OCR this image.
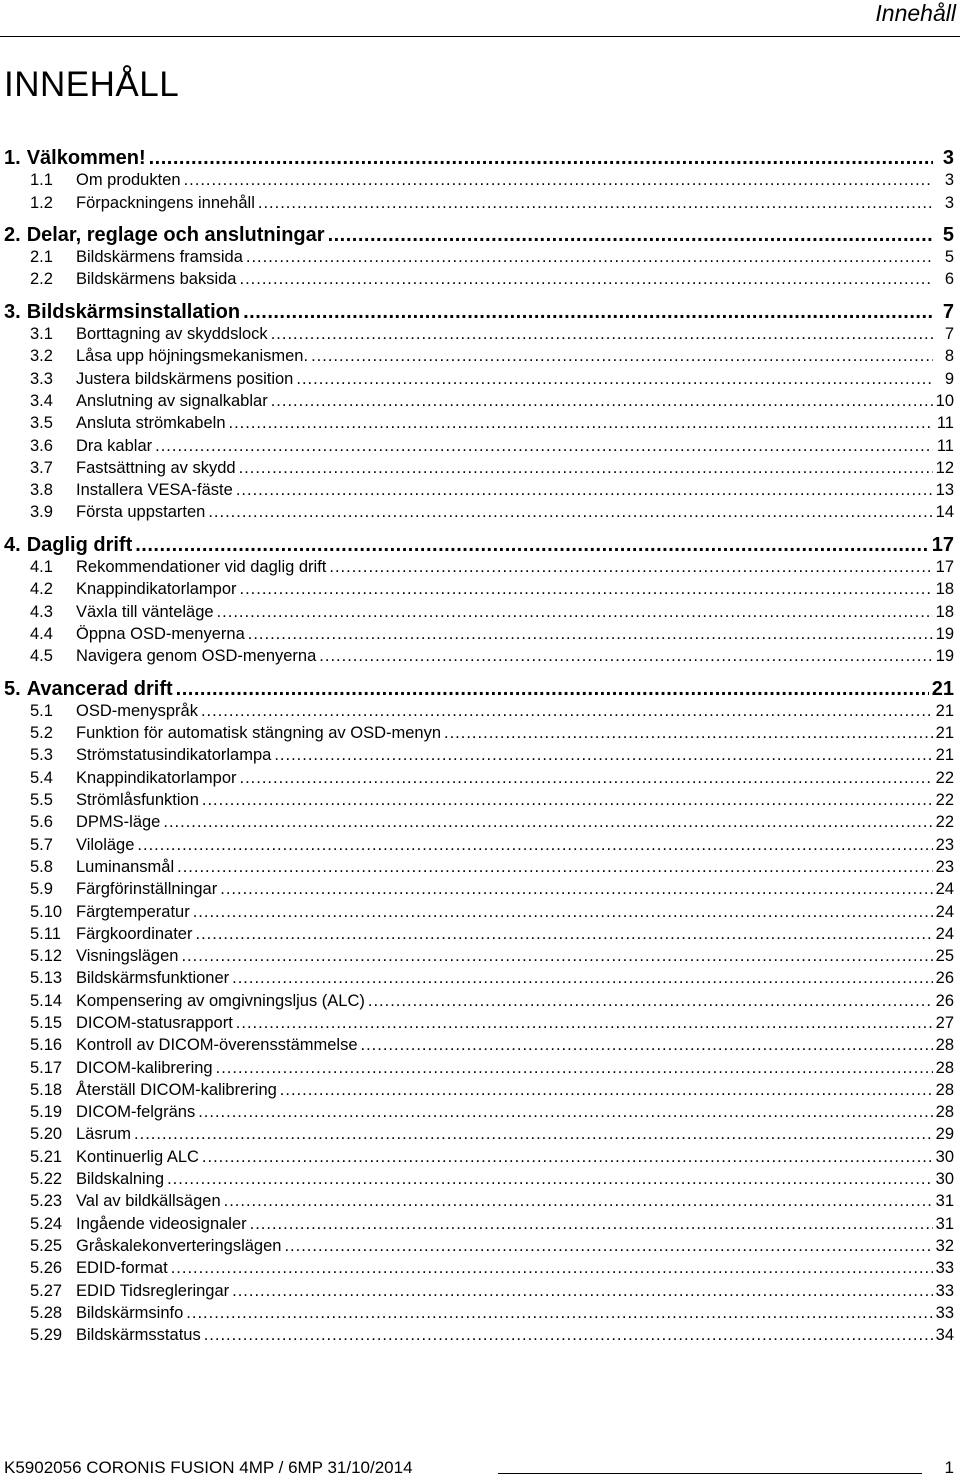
Innehåll
INNEHÅLL
1. Välkommen! .....	3
1.1 Om produkten .....	3
1.2 Förpackningens innehåll .....	3
2. Delar, reglage och anslutningar .....	5
2.1 Bildskärmens framsida .....	5
2.2 Bildskärmens baksida .....	6
3. Bildskärmsinstallation .....	7
3.1 Borttagning av skyddslock .....	7
3.2 Låsa upp höjningsmekanismen. .....	8
3.3 Justera bildskärmens position .....	9
3.4 Anslutning av signalkablar .....	10
3.5 Ansluta strömkabeln .....	11
3.6 Dra kablar .....	11
3.7 Fastsättning av skydd .....	12
3.8 Installera VESA-fäste .....	13
3.9 Första uppstarten .....	14
4. Daglig drift .....	17
4.1 Rekommendationer vid daglig drift .....	17
4.2 Knappindikatorlampor .....	18
4.3 Växla till vänteläge .....	18
4.4 Öppna OSD-menyerna .....	19
4.5 Navigera genom OSD-menyerna .....	19
5. Avancerad drift .....	21
5.1 OSD-menyspråk .....	21
5.2 Funktion för automatisk stängning av OSD-menyn .....	21
5.3 Strömstatusindikatorlampa .....	21
5.4 Knappindikatorlampor .....	22
5.5 Strömlåsfunktion .....	22
5.6 DPMS-läge .....	22
5.7 Viloläge .....	23
5.8 Luminansmål .....	23
5.9 Färgförinställningar .....	24
5.10 Färgtemperatur .....	24
5.11 Färgkoordinater .....	24
5.12 Visningslägen .....	25
5.13 Bildskärmsfunktioner .....	26
5.14 Kompensering av omgivningsljus (ALC) .....	26
5.15 DICOM-statusrapport .....	27
5.16 Kontroll av DICOM-överensstämmelse .....	28
5.17 DICOM-kalibrering .....	28
5.18 Återställ DICOM-kalibrering .....	28
5.19 DICOM-felgräns .....	28
5.20 Läsrum .....	29
5.21 Kontinuerlig ALC .....	30
5.22 Bildskalning .....	30
5.23 Val av bildkällsägen .....	31
5.24 Ingående videosignaler .....	31
5.25 Gråskalekonverteringslägen .....	32
5.26 EDID-format .....	33
5.27 EDID Tidsregleringar .....	33
5.28 Bildskärmsinfo .....	33
5.29 Bildskärmsstatus .....	34
K5902056 CORONIS FUSION 4MP / 6MP 31/10/2014	1
